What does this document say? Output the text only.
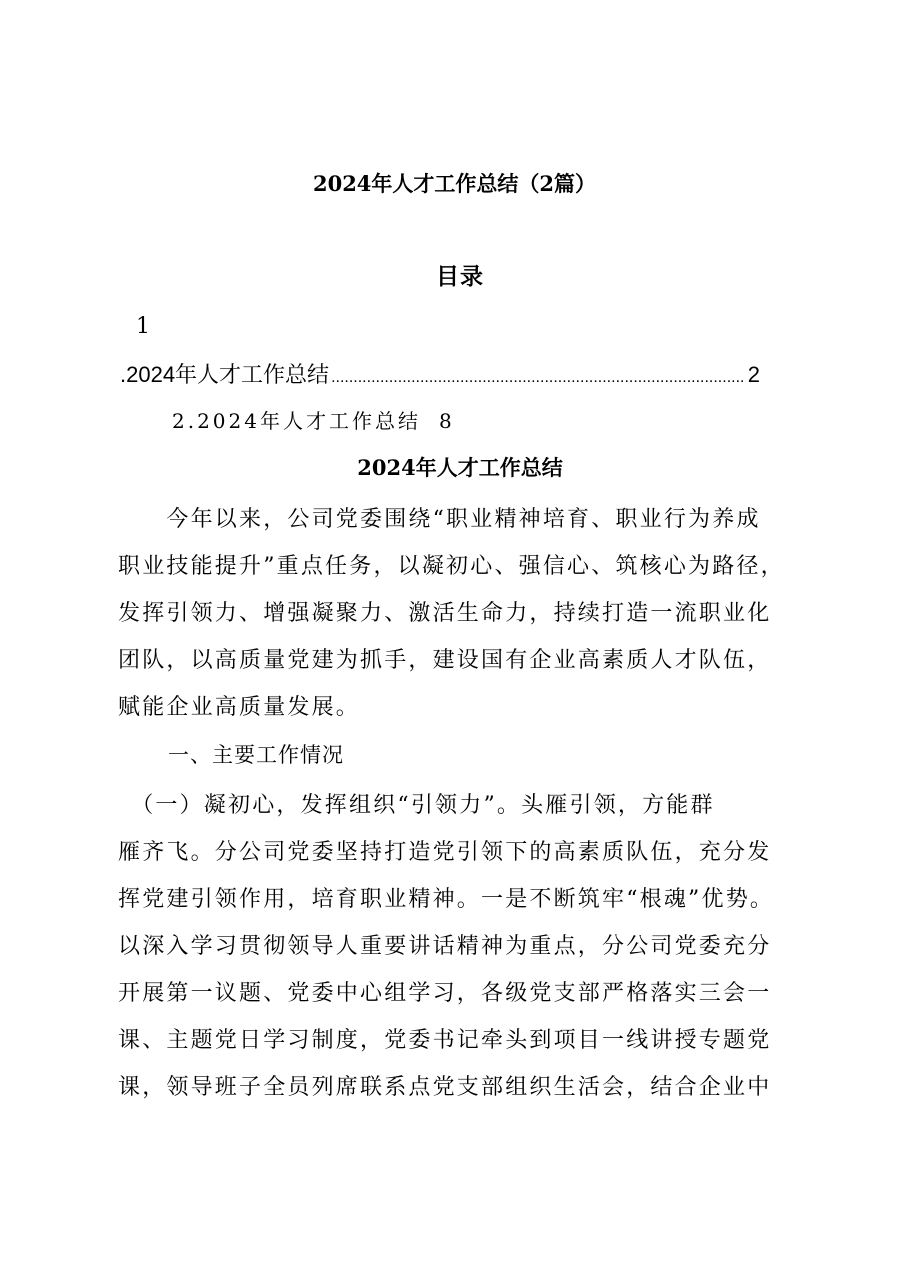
2024年人才工作总结（2篇）
目录
1
.2024年人才工作总结
.....	2
2.2024年人才工作总结 8
2024年人才工作总结
　　今年以来，公司党委围绕“职业精神培育、职业行为养成
职业技能提升”重点任务，以凝初心、强信心、筑核心为路径，
发挥引领力、增强凝聚力、激活生命力，持续打造一流职业化
团队，以高质量党建为抓手，建设国有企业高素质人才队伍，
赋能企业高质量发展。
一、主要工作情况
　（一）凝初心，发挥组织“引领力”。头雁引领，方能群
雁齐飞。分公司党委坚持打造党引领下的高素质队伍，充分发
挥党建引领作用，培育职业精神。一是不断筑牢“根魂”优势。
以深入学习贯彻领导人重要讲话精神为重点，分公司党委充分
开展第一议题、党委中心组学习，各级党支部严格落实三会一
课、主题党日学习制度，党委书记牵头到项目一线讲授专题党
课，领导班子全员列席联系点党支部组织生活会，结合企业中
